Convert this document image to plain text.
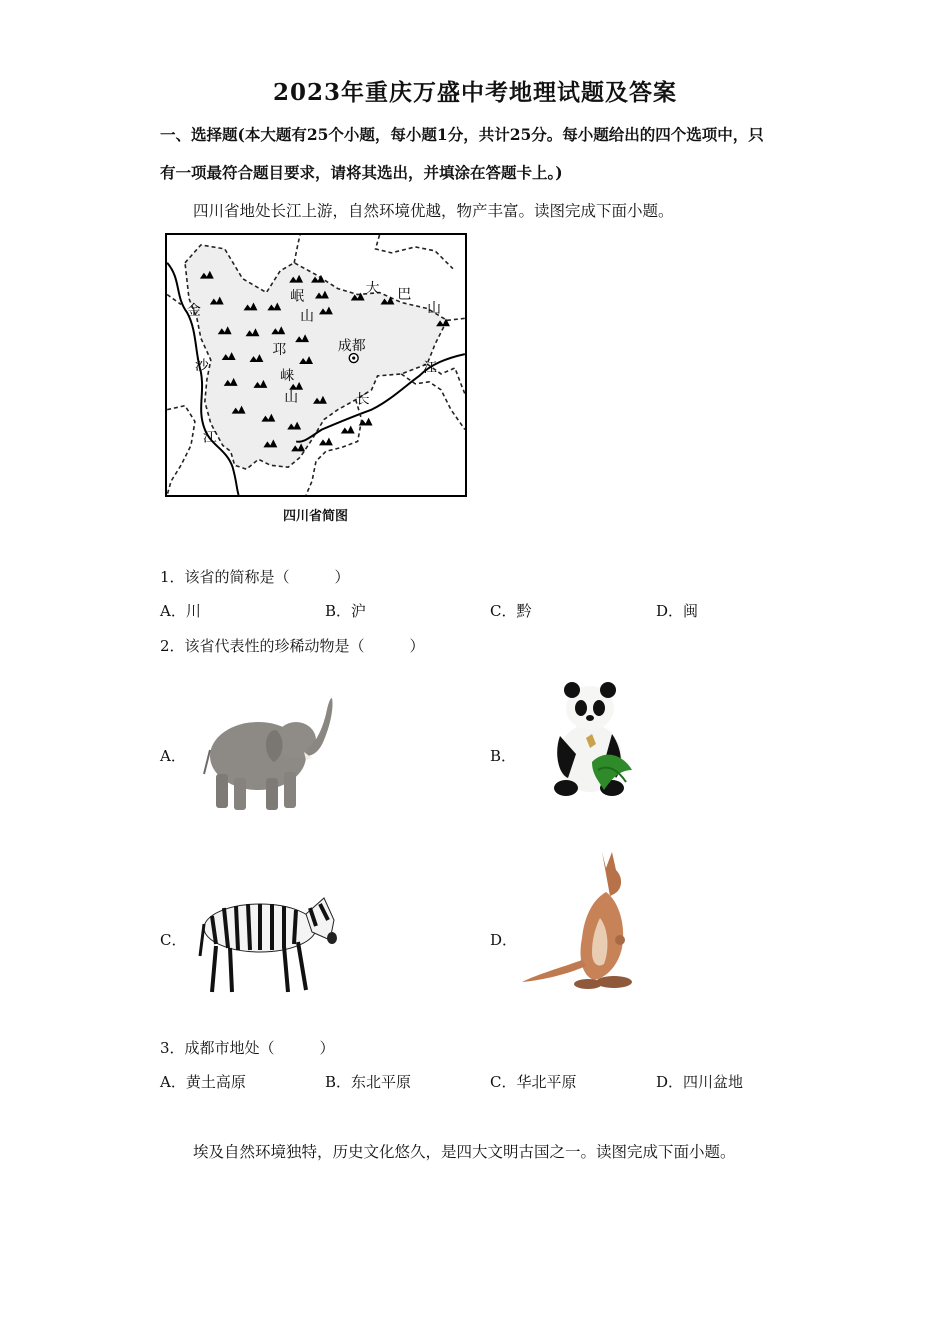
2023年重庆万盛中考地理试题及答案
一、选择题(本大题有25个小题，每小题1分，共计25分。每小题给出的四个选项中，只
有一项最符合题目要求，请将其选出，并填涂在答题卡上。)
四川省地处长江上游，自然环境优越，物产丰富。读图完成下面小题。
金
沙
江
岷
山
邛
崃
山
成都
大 巴
山
江
长
四川省简图
1．该省的简称是（　　　）
A．川	B．沪	C．黔	D．闽
2．该省代表性的珍稀动物是（　　　）
A．	B．
C．	D．
3．成都市地处（　　　）
A．黄土高原	B．东北平原	C．华北平原	D．四川盆地
埃及自然环境独特，历史文化悠久，是四大文明古国之一。读图完成下面小题。
